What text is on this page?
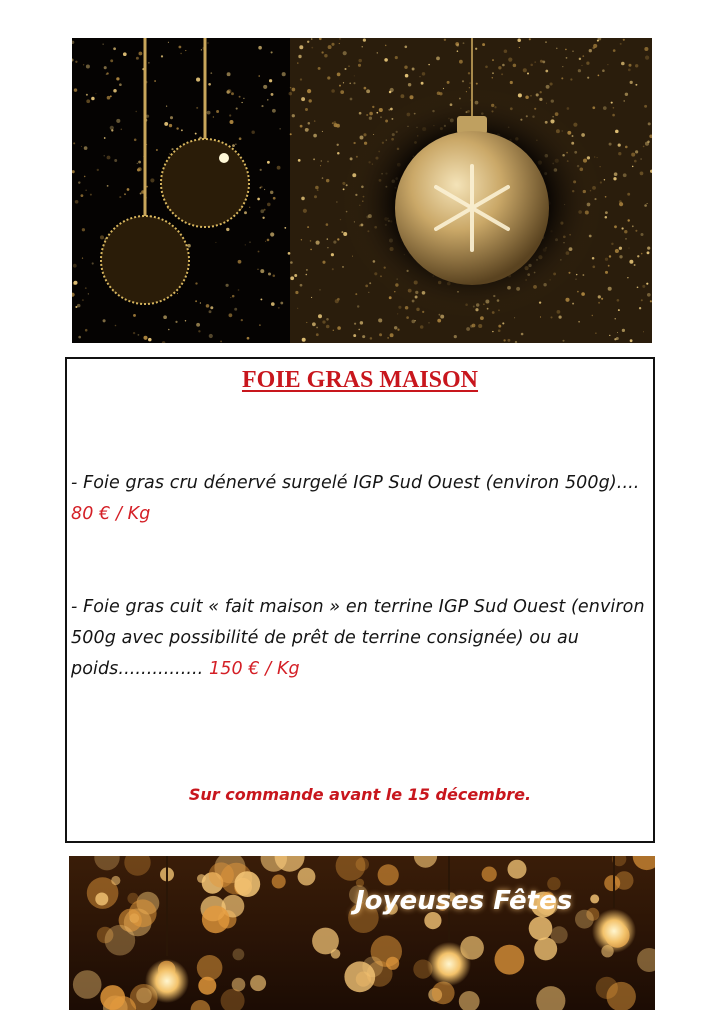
FOIE GRAS MAISON
- Foie gras cru dénervé surgelé IGP Sud Ouest (environ 500g).... 80 € / Kg
- Foie gras cuit « fait maison » en terrine IGP Sud Ouest (environ 500g avec possibilité de prêt de terrine consignée) ou au poids............... 150 € / Kg
Sur commande avant le 15 décembre.
Joyeuses Fêtes
